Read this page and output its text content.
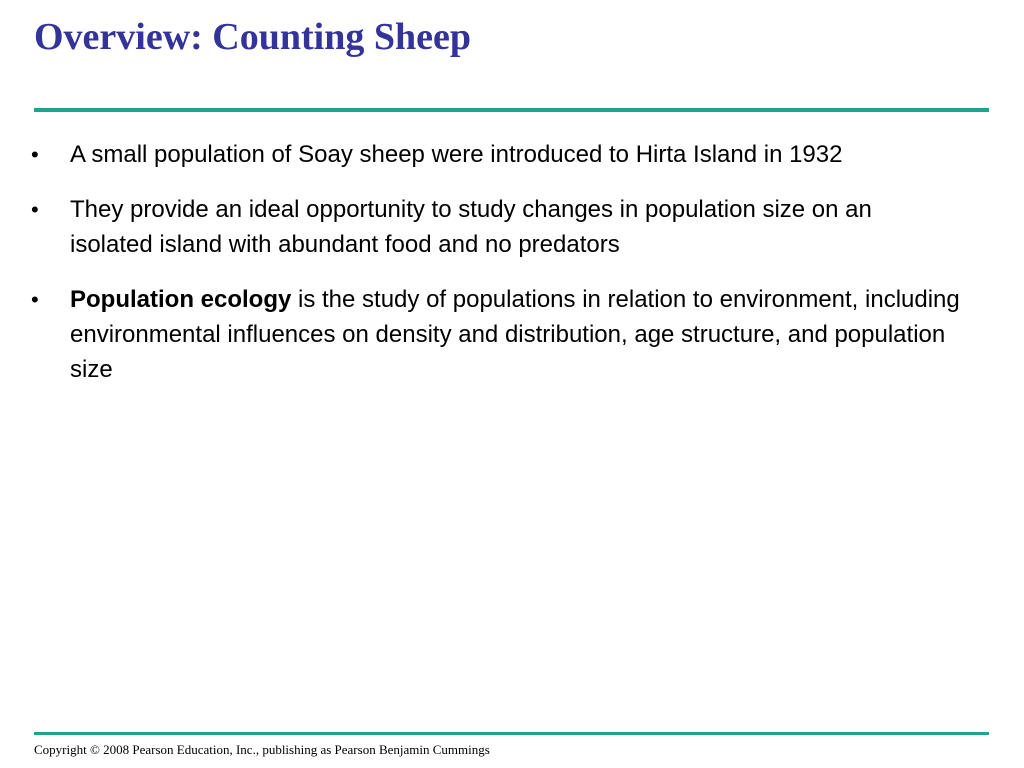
Overview: Counting Sheep
• A small population of Soay sheep were introduced to Hirta Island in 1932
• They provide an ideal opportunity to study changes in population size on an isolated island with abundant food and no predators
• Population ecology is the study of populations in relation to environment, including environmental influences on density and distribution, age structure, and population size

Copyright © 2008 Pearson Education, Inc., publishing as Pearson Benjamin Cummings
